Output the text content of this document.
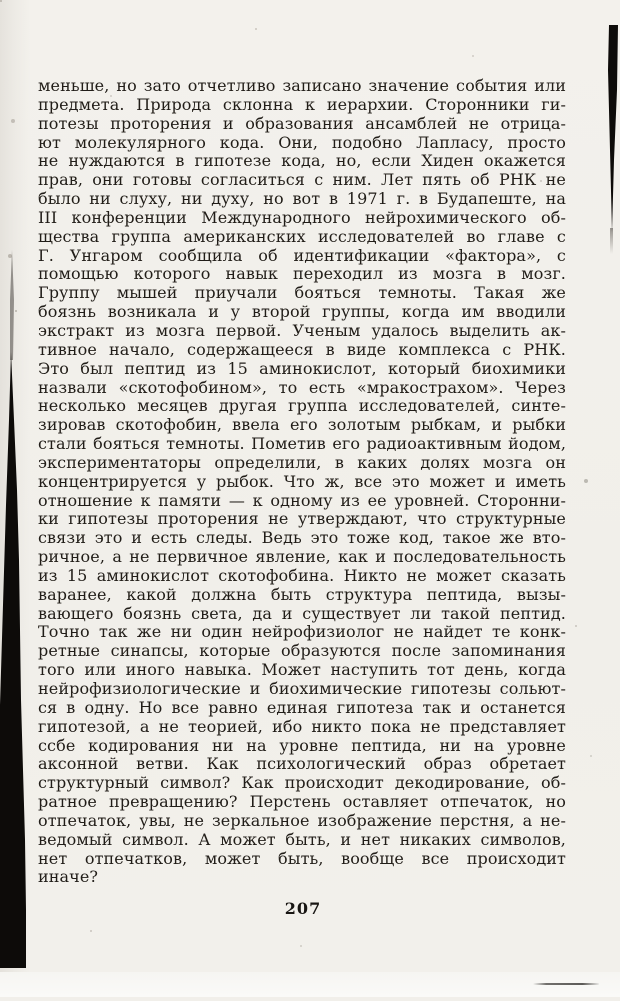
меньше, но зато отчетливо записано значение события или
предмета. Природа склонна к иерархии. Сторонники ги-
потезы проторения и образования ансамблей не отрица-
ют молекулярного кода. Они, подобно Лапласу, просто
не нуждаются в гипотезе кода, но, если Хиден окажется
прав, они готовы согласиться с ним. Лет пять об РНК не
было ни слуху, ни духу, но вот в 1971 г. в Будапеште, на
III конференции Международного нейрохимического об-
щества группа американских исследователей во главе с
Г. Унгаром сообщила об идентификации «фактора», с
помощью которого навык переходил из мозга в мозг.
Группу мышей приучали бояться темноты. Такая же
боязнь возникала и у второй группы, когда им вводили
экстракт из мозга первой. Ученым удалось выделить ак-
тивное начало, содержащееся в виде комплекса с РНК.
Это был пептид из 15 аминокислот, который биохимики
назвали «скотофобином», то есть «мракострахом». Через
несколько месяцев другая группа исследователей, синте-
зировав скотофобин, ввела его золотым рыбкам, и рыбки
стали бояться темноты. Пометив его радиоактивным йодом,
экспериментаторы определили, в каких долях мозга он
концентрируется у рыбок. Что ж, все это может и иметь
отношение к памяти — к одному из ее уровней. Сторонни-
ки гипотезы проторения не утверждают, что структурные
связи это и есть следы. Ведь это тоже код, такое же вто-
ричное, а не первичное явление, как и последовательность
из 15 аминокислот скотофобина. Никто не может сказать
варанее, какой должна быть структура пептида, вызы-
вающего боязнь света, да и существует ли такой пептид.
Точно так же ни один нейрофизиолог не найдет те конк-
ретные синапсы, которые образуются после запоминания
того или иного навыка. Может наступить тот день, когда
нейрофизиологические и биохимические гипотезы сольют-
ся в одну. Но все равно единая гипотеза так и останется
гипотезой, а не теорией, ибо никто пока не представляет
ссбе кодирования ни на уровне пептида, ни на уровне
аксонной ветви. Как психологический образ обретает
структурный символ? Как происходит декодирование, об-
ратное превращению? Перстень оставляет отпечаток, но
отпечаток, увы, не зеркальное изображение перстня, а не-
ведомый символ. А может быть, и нет никаких символов,
нет отпечатков, может быть, вообще все происходит
иначе?
207
